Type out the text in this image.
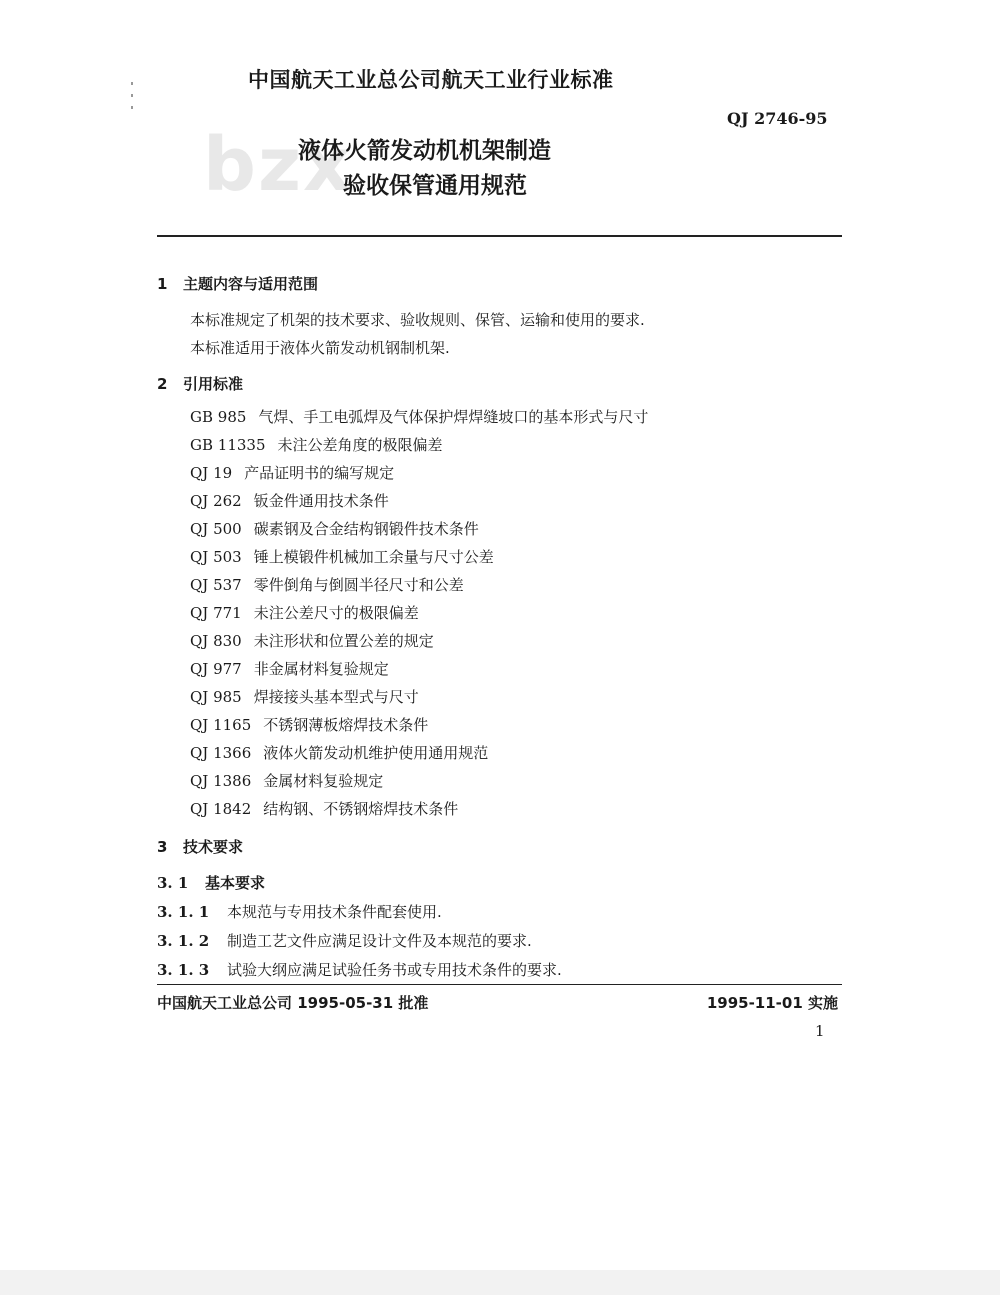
中国航天工业总公司航天工业行业标准
QJ 2746-95
bzx
液体火箭发动机机架制造
验收保管通用规范
1 主题内容与适用范围
本标准规定了机架的技术要求、验收规则、保管、运输和使用的要求.
本标准适用于液体火箭发动机钢制机架.
2 引用标准
GB 985 气焊、手工电弧焊及气体保护焊焊缝坡口的基本形式与尺寸
GB 11335 未注公差角度的极限偏差
QJ 19 产品证明书的编写规定
QJ 262 钣金件通用技术条件
QJ 500 碳素钢及合金结构钢锻件技术条件
QJ 503 锤上模锻件机械加工余量与尺寸公差
QJ 537 零件倒角与倒圆半径尺寸和公差
QJ 771 未注公差尺寸的极限偏差
QJ 830 未注形状和位置公差的规定
QJ 977 非金属材料复验规定
QJ 985 焊接接头基本型式与尺寸
QJ 1165 不锈钢薄板熔焊技术条件
QJ 1366 液体火箭发动机维护使用通用规范
QJ 1386 金属材料复验规定
QJ 1842 结构钢、不锈钢熔焊技术条件
3 技术要求
3. 1 基本要求
3. 1. 1 本规范与专用技术条件配套使用.
3. 1. 2 制造工艺文件应满足设计文件及本规范的要求.
3. 1. 3 试验大纲应满足试验任务书或专用技术条件的要求.
中国航天工业总公司 1995-05-31 批准	1995-11-01 实施
1
